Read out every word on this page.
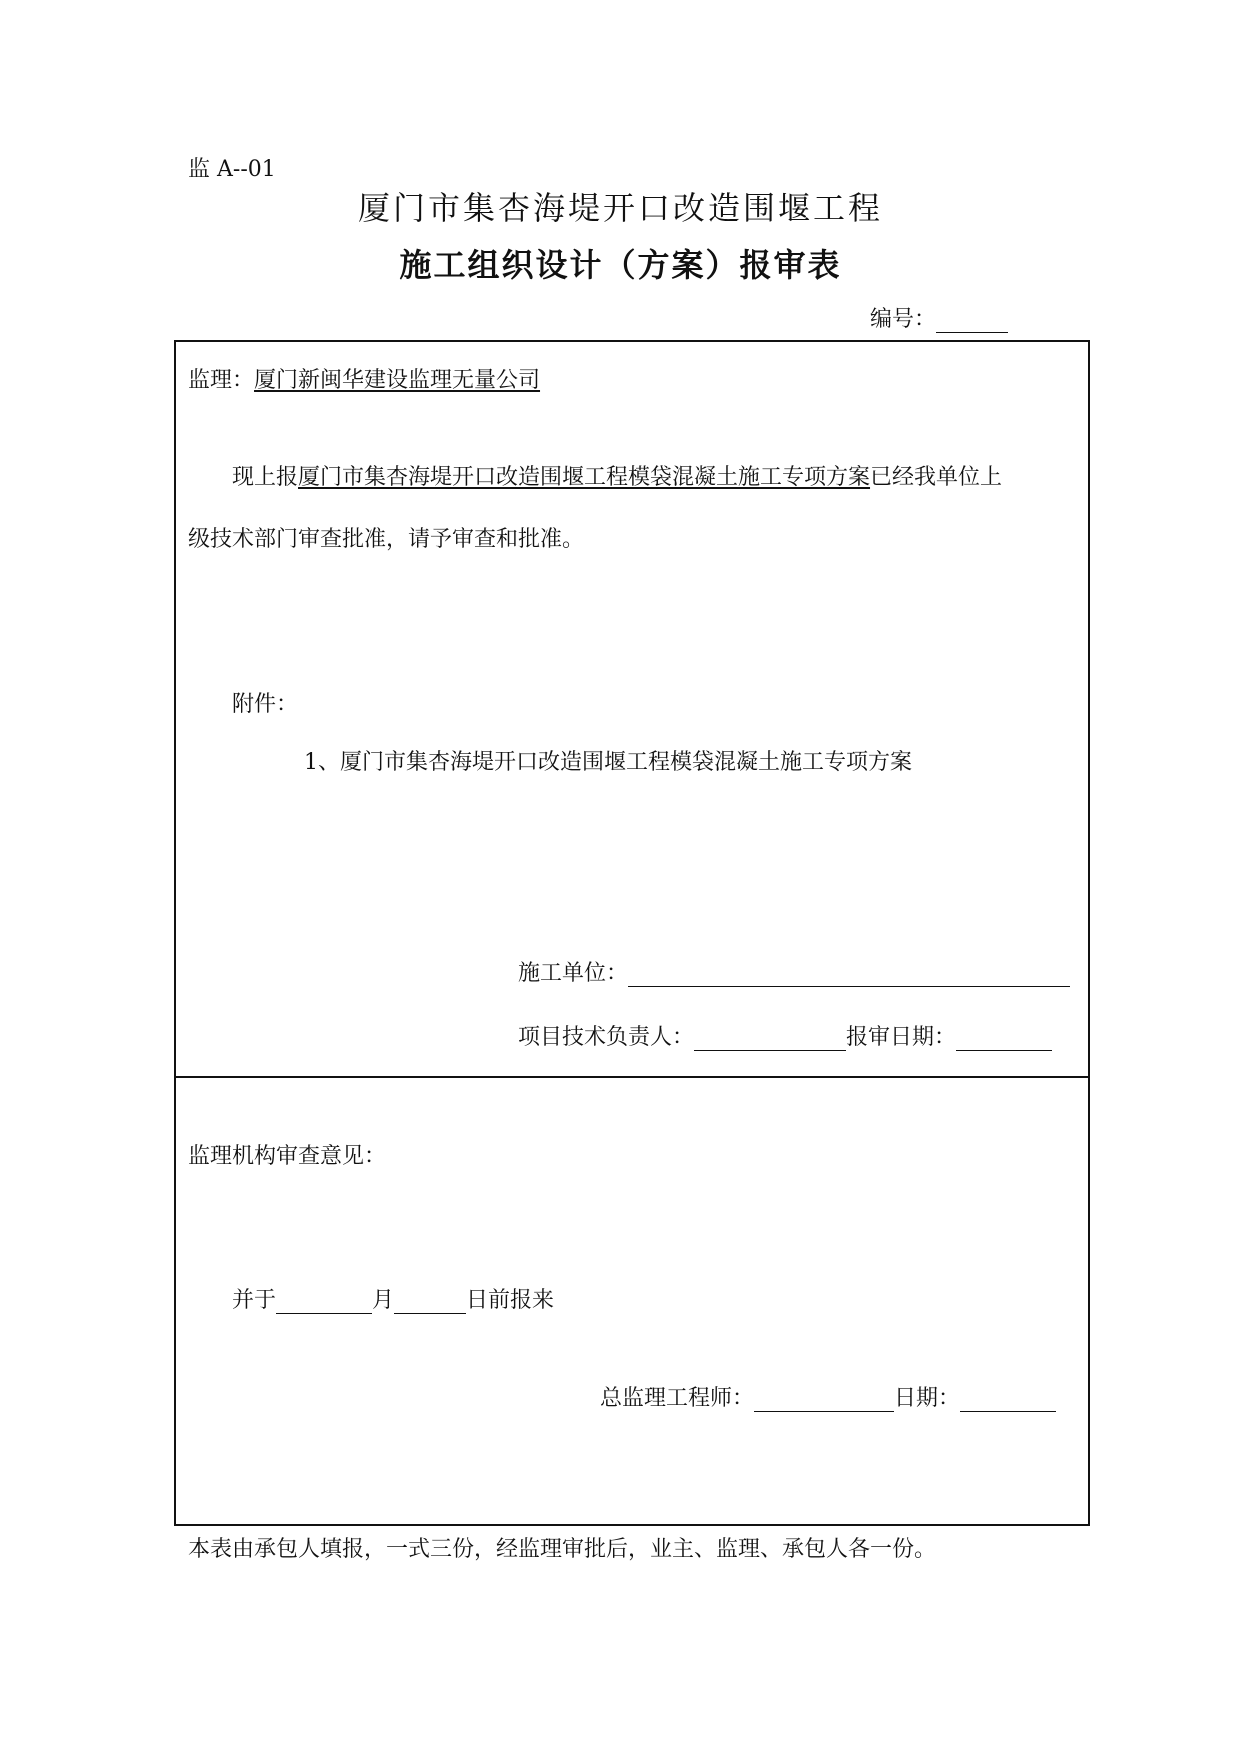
监 A--01
厦门市集杏海堤开口改造围堰工程
施工组织设计（方案）报审表
编号：
监理：厦门新闽华建设监理无量公司
现上报厦门市集杏海堤开口改造围堰工程模袋混凝土施工专项方案已经我单位上
级技术部门审查批准，请予审查和批准。
附件：
1、厦门市集杏海堤开口改造围堰工程模袋混凝土施工专项方案
施工单位：
项目技术负责人：	报审日期：
监理机构审查意见：
并于	月	日前报来
总监理工程师：	日期：
本表由承包人填报，一式三份，经监理审批后，业主、监理、承包人各一份。
